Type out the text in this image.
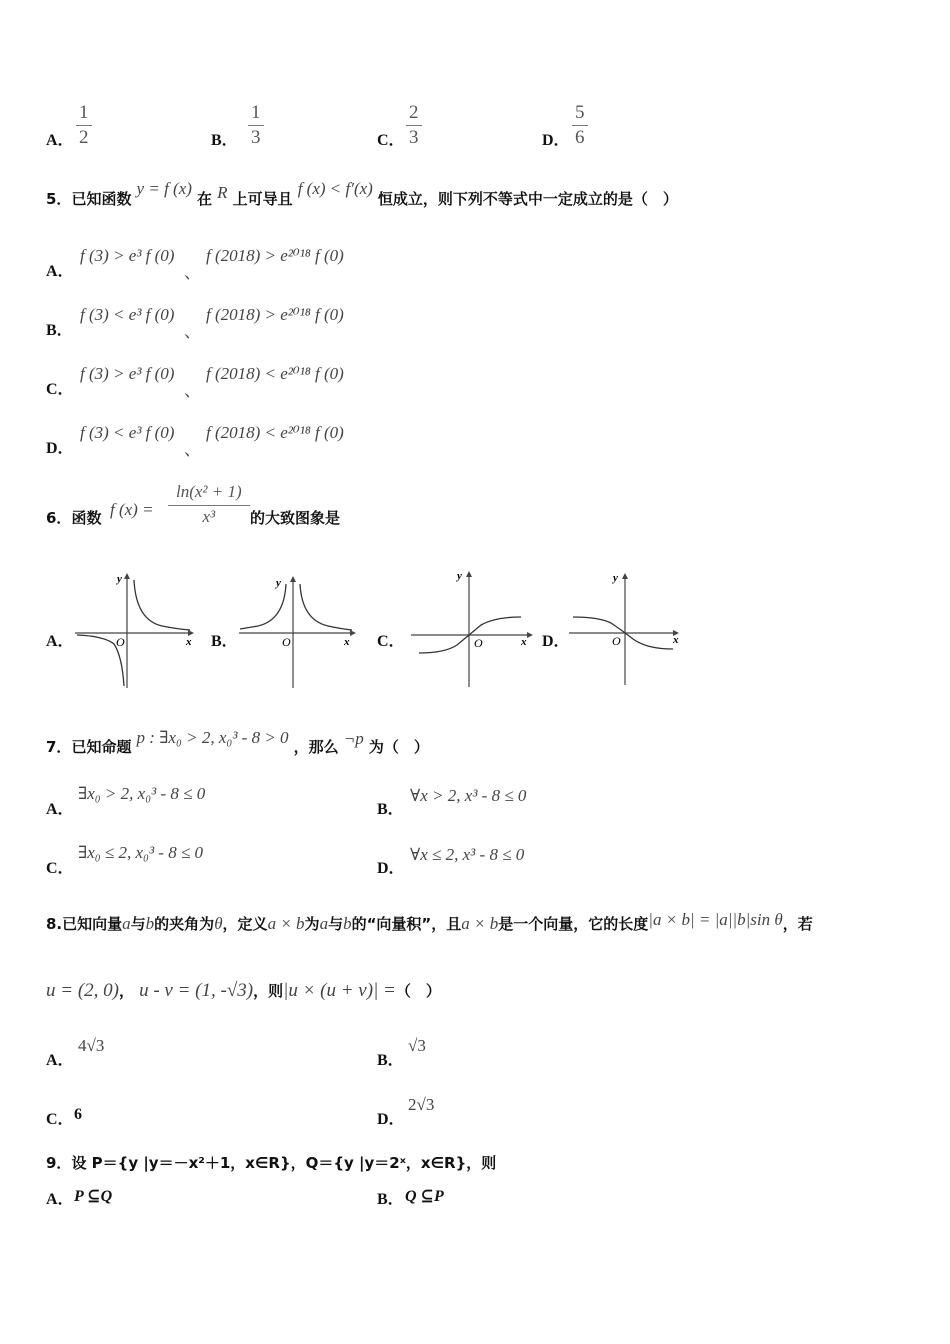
A． $\frac{1}{2}$	B． $\frac{1}{3}$	C． $\frac{2}{3}$	D． $\frac{5}{6}$
5．已知函数 y = f (x) 在 R 上可导且 f (x) < f′(x) 恒成立，则下列不等式中一定成立的是（　）
A．
f (3) > e³ f (0)
、
f (2018) > e²⁰¹⁸ f (0)
B．
f (3) < e³ f (0)
、
f (2018) > e²⁰¹⁸ f (0)
C．
f (3) > e³ f (0)
、
f (2018) < e²⁰¹⁸ f (0)
D．
f (3) < e³ f (0)
、
f (2018) < e²⁰¹⁸ f (0)
6．函数 f $(x) = \frac{\text{ln(x² + 1)}}{\text{x³}}$ 的大致图象是
A．
y
x
O	B．
y
x
O	C．
y
x
O	D．
y
x
O
7．已知命题 p : ∃x₀ > 2, x₀³ - 8 > 0 ，那么 ¬p 为（　）
A．
∃x₀ > 2, x₀³ - 8 ≤ 0
B．
∀x > 2, x³ - 8 ≤ 0
C．
∃x₀ ≤ 2, x₀³ - 8 ≤ 0
D．
∀x ≤ 2, x³ - 8 ≤ 0
8.已知向量a与b的夹角为θ，定义a × b为a与b的“向量积”，且a × b是一个向量，它的长度|a × b| = |a||b|sin θ，若
u = (2, 0)， u - v = (1, -√3)，则|u × (u + v)| =（　）
A．
4√3
B．
√3
C． 6	D．
2√3
9．设 P＝{y |y＝－x²＋1，x∈R}，Q＝{y |y＝2ˣ，x∈R}，则
A． P ⊆Q	B． Q ⊆P
